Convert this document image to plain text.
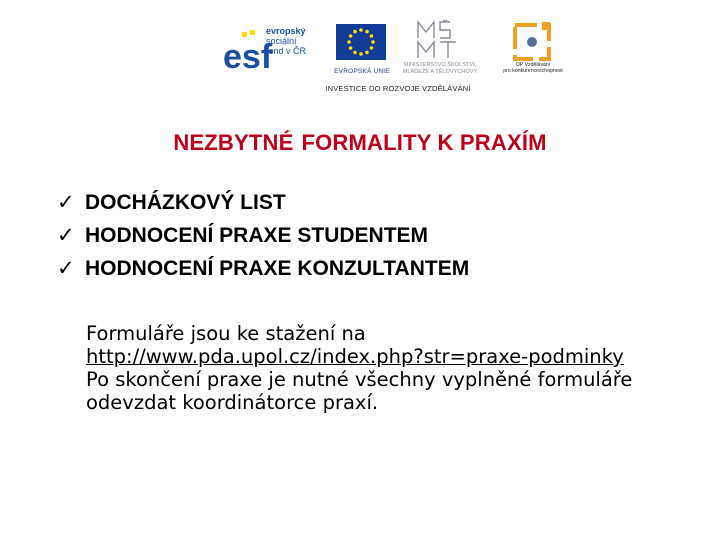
esf
evropský
sociální
fond v ČR
EVROPSKÁ UNIE
MINISTERSTVO ŠKOLSTVÍ,
MLÁDEŽE A TĚLOVÝCHOVY
OP Vzdělávání
pro konkurenceschopnost
INVESTICE DO ROZVOJE VZDĚLÁVÁNÍ
NEZBYTNÉ FORMALITY K PRAXÍM
✓ DOCHÁZKOVÝ LIST
✓ HODNOCENÍ PRAXE STUDENTEM
✓ HODNOCENÍ PRAXE KONZULTANTEM

Formuláře jsou ke stažení na

http://www.pda.upol.cz/index.php?str=praxe-podminky

Po skončení praxe je nutné všechny vyplněné formuláře odevzdat koordinátorce praxí.
